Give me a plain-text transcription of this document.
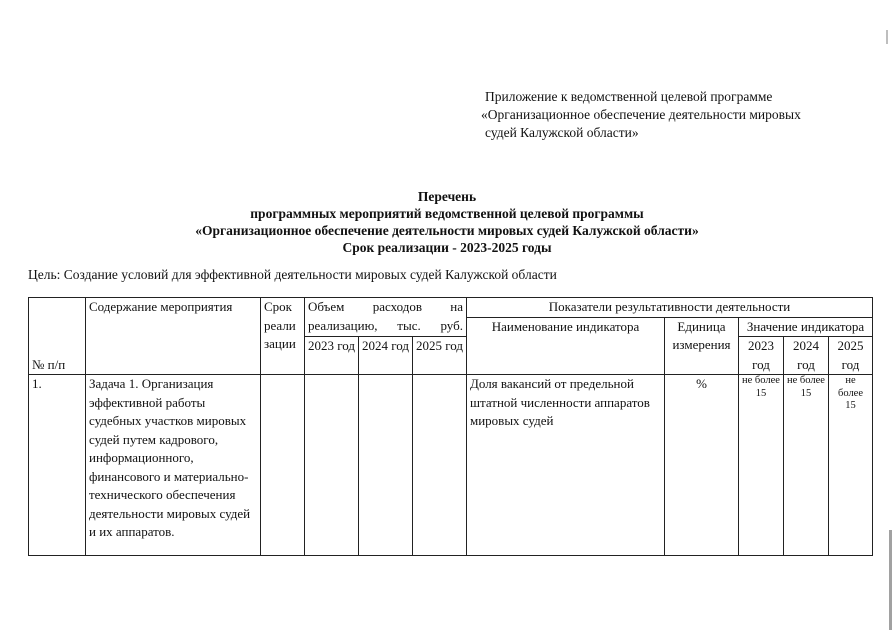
Приложение к ведомственной целевой программе
«Организационное обеспечение деятельности мировых
судей Калужской области»
Перечень
программных мероприятий ведомственной целевой программы
«Организационное обеспечение деятельности мировых судей Калужской области»
Срок реализации - 2023-2025 годы
Цель: Создание условий для эффективной деятельности мировых судей Калужской области
№ п/п	Содержание мероприятия	Срок реали зации	Объем расходов на реализацию, тыс. руб.			Показатели результативности деятельности				
						Наименование индикатора	Единица измерения	Значение индикатора		
			2023 год	2024 год	2025 год			2023 год	2024 год	2025 год
1.	Задача 1. Организация эффективной работы судебных участков мировых судей путем кадрового, информационного, финансового и материально- технического обеспечения деятельности мировых судей и их аппаратов.					Доля вакансий от предельной штатной численности аппаратов мировых судей	%	не более 15	не более 15	не более 15
